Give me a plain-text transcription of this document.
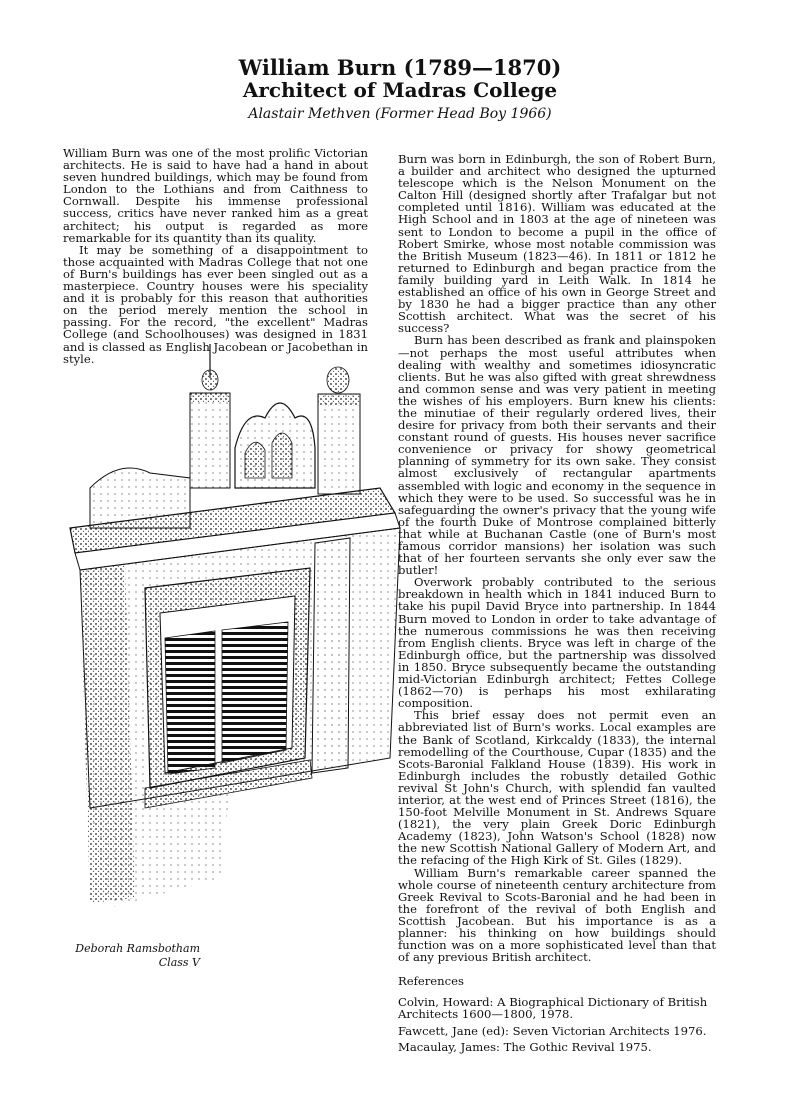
William Burn (1789—1870)
Architect of Madras College
Alastair Methven (Former Head Boy 1966)

William Burn was one of the most prolific Victorian architects. He is said to have had a hand in about seven hundred buildings, which may be found from London to the Lothians and from Caithness to Cornwall. Despite his immense professional success, critics have never ranked him as a great architect; his output is regarded as more remarkable for its quantity than its quality.

It may be something of a disappointment to those acquainted with Madras College that not one of Burn's buildings has ever been singled out as a masterpiece. Country houses were his speciality and it is probably for this reason that authorities on the period merely mention the school in passing. For the record, "the excellent" Madras College (and Schoolhouses) was designed in 1831 and is classed as English Jacobean or Jacobethan in style.

Burn was born in Edinburgh, the son of Robert Burn, a builder and architect who designed the upturned telescope which is the Nelson Monument on the Calton Hill (designed shortly after Trafalgar but not completed until 1816). William was educated at the High School and in 1803 at the age of nineteen was sent to London to become a pupil in the office of Robert Smirke, whose most notable commission was the British Museum (1823—46). In 1811 or 1812 he returned to Edinburgh and began practice from the family building yard in Leith Walk. In 1814 he established an office of his own in George Street and by 1830 he had a bigger practice than any other Scottish architect. What was the secret of his success?

Burn has been described as frank and plainspoken—not perhaps the most useful attributes when dealing with wealthy and sometimes idiosyncratic clients. But he was also gifted with great shrewdness and common sense and was very patient in meeting the wishes of his employers. Burn knew his clients: the minutiae of their regularly ordered lives, their desire for privacy from both their servants and their constant round of guests. His houses never sacrifice convenience or privacy for showy geometrical planning of symmetry for its own sake. They consist almost exclusively of rectangular apartments assembled with logic and economy in the sequence in which they were to be used. So successful was he in safeguarding the owner's privacy that the young wife of the fourth Duke of Montrose complained bitterly that while at Buchanan Castle (one of Burn's most famous corridor mansions) her isolation was such that of her fourteen servants she only ever saw the butler!

Overwork probably contributed to the serious breakdown in health which in 1841 induced Burn to take his pupil David Bryce into partnership. In 1844 Burn moved to London in order to take advantage of the numerous commissions he was then receiving from English clients. Bryce was left in charge of the Edinburgh office, but the partnership was dissolved in 1850. Bryce subsequently became the outstanding mid-Victorian Edinburgh architect; Fettes College (1862—70) is perhaps his most exhilarating composition.

This brief essay does not permit even an abbreviated list of Burn's works. Local examples are the Bank of Scotland, Kirkcaldy (1833), the internal remodelling of the Courthouse, Cupar (1835) and the Scots-Baronial Falkland House (1839). His work in Edinburgh includes the robustly detailed Gothic revival St John's Church, with splendid fan vaulted interior, at the west end of Princes Street (1816), the 150-foot Melville Monument in St. Andrews Square (1821), the very plain Greek Doric Edinburgh Academy (1823), John Watson's School (1828) now the new Scottish National Gallery of Modern Art, and the refacing of the High Kirk of St. Giles (1829).

William Burn's remarkable career spanned the whole course of nineteenth century architecture from Greek Revival to Scots-Baronial and he had been in the forefront of the revival of both English and Scottish Jacobean. But his importance is as a planner: his thinking on how buildings should function was on a more sophisticated level than that of any previous British architect.

Deborah Ramsbotham
Class V
References
Colvin, Howard: A Biographical Dictionary of British Architects 1600—1800, 1978.
Fawcett, Jane (ed): Seven Victorian Architects 1976.
Macaulay, James: The Gothic Revival 1975.
